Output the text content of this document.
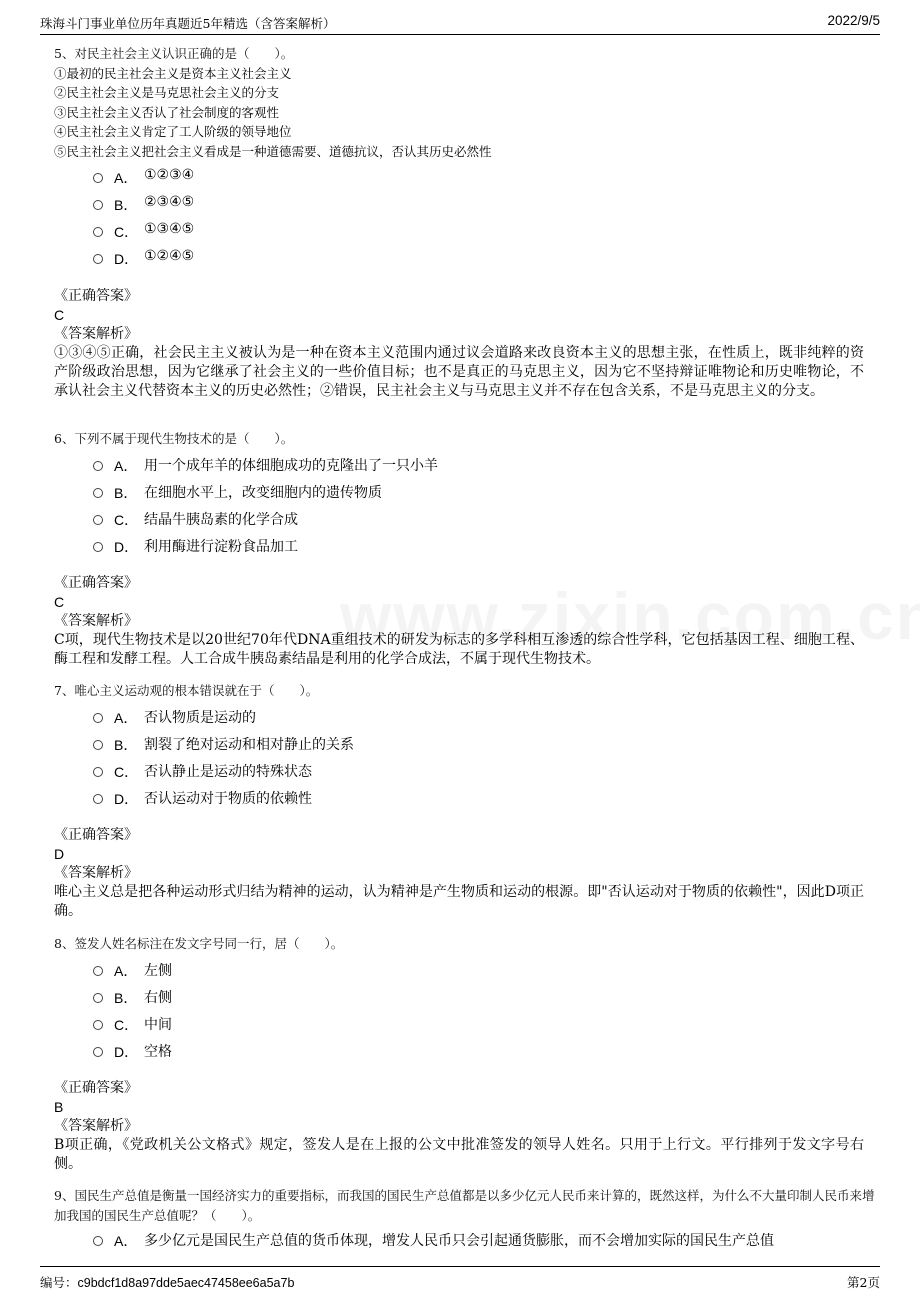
珠海斗门事业单位历年真题近5年精选（含答案解析）	2022/9/5
5、对民主社会主义认识正确的是（　　）。
①最初的民主社会主义是资本主义社会主义
②民主社会主义是马克思社会主义的分支
③民主社会主义否认了社会制度的客观性
④民主社会主义肯定了工人阶级的领导地位
⑤民主社会主义把社会主义看成是一种道德需要、道德抗议，否认其历史必然性
A． ①②③④
B． ②③④⑤
C． ①③④⑤
D． ①②④⑤
《正确答案》
C
《答案解析》
①③④⑤正确，社会民主主义被认为是一种在资本主义范围内通过议会道路来改良资本主义的思想主张，在性质上，既非纯粹的资产阶级政治思想，因为它继承了社会主义的一些价值目标；也不是真正的马克思主义，因为它不坚持辩证唯物论和历史唯物论，不承认社会主义代替资本主义的历史必然性；②错误，民主社会主义与马克思主义并不存在包含关系，不是马克思主义的分支。
6、下列不属于现代生物技术的是（　　）。
A． 用一个成年羊的体细胞成功的克隆出了一只小羊
B． 在细胞水平上，改变细胞内的遗传物质
C． 结晶牛胰岛素的化学合成
D． 利用酶进行淀粉食品加工
《正确答案》
C
《答案解析》
C项，现代生物技术是以20世纪70年代DNA重组技术的研发为标志的多学科相互渗透的综合性学科，它包括基因工程、细胞工程、酶工程和发酵工程。人工合成牛胰岛素结晶是利用的化学合成法，不属于现代生物技术。
7、唯心主义运动观的根本错误就在于（　　）。
A． 否认物质是运动的
B． 割裂了绝对运动和相对静止的关系
C． 否认静止是运动的特殊状态
D． 否认运动对于物质的依赖性
《正确答案》
D
《答案解析》
唯心主义总是把各种运动形式归结为精神的运动，认为精神是产生物质和运动的根源。即"否认运动对于物质的依赖性"，因此D项正确。
8、签发人姓名标注在发文字号同一行，居（　　）。
A． 左侧
B． 右侧
C． 中间
D． 空格
《正确答案》
B
《答案解析》
B项正确，《党政机关公文格式》规定，签发人是在上报的公文中批准签发的领导人姓名。只用于上行文。平行排列于发文字号右侧。
9、国民生产总值是衡量一国经济实力的重要指标，而我国的国民生产总值都是以多少亿元人民币来计算的，既然这样，为什么不大量印制人民币来增加我国的国民生产总值呢？（　　）。
A． 多少亿元是国民生产总值的货币体现，增发人民币只会引起通货膨胀，而不会增加实际的国民生产总值
编号：c9bdcf1d8a97dde5aec47458ee6a5a7b	第2页
